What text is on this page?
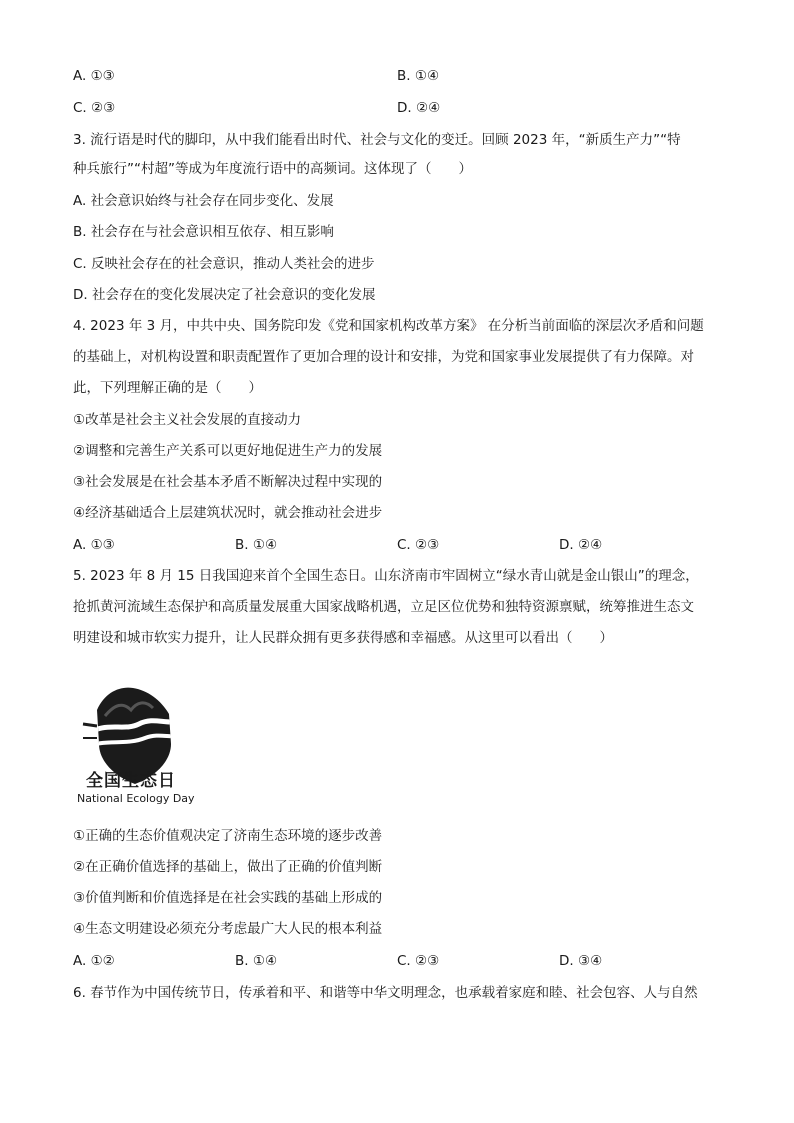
A. ①③	B. ①④
C. ②③	D. ②④
3. 流行语是时代的脚印，从中我们能看出时代、社会与文化的变迁。回顾 2023 年，“新质生产力”“特
种兵旅行”“村超”等成为年度流行语中的高频词。这体现了（　　）
A. 社会意识始终与社会存在同步变化、发展
B. 社会存在与社会意识相互依存、相互影响
C. 反映社会存在的社会意识，推动人类社会的进步
D. 社会存在的变化发展决定了社会意识的变化发展
4. 2023 年 3 月，中共中央、国务院印发《党和国家机构改革方案》 在分析当前面临的深层次矛盾和问题
的基础上，对机构设置和职责配置作了更加合理的设计和安排，为党和国家事业发展提供了有力保障。对
此，下列理解正确的是（　　）
①改革是社会主义社会发展的直接动力
②调整和完善生产关系可以更好地促进生产力的发展
③社会发展是在社会基本矛盾不断解决过程中实现的
④经济基础适合上层建筑状况时，就会推动社会进步
A. ①③	B. ①④	C. ②③	D. ②④
5. 2023 年 8 月 15 日我国迎来首个全国生态日。山东济南市牢固树立“绿水青山就是金山银山”的理念，
抢抓黄河流域生态保护和高质量发展重大国家战略机遇，立足区位优势和独特资源禀赋，统筹推进生态文
明建设和城市软实力提升，让人民群众拥有更多获得感和幸福感。从这里可以看出（　　）
全国生态日
National Ecology Day
①正确的生态价值观决定了济南生态环境的逐步改善
②在正确价值选择的基础上，做出了正确的价值判断
③价值判断和价值选择是在社会实践的基础上形成的
④生态文明建设必须充分考虑最广大人民的根本利益
A. ①②	B. ①④	C. ②③	D. ③④
6. 春节作为中国传统节日，传承着和平、和谐等中华文明理念，也承载着家庭和睦、社会包容、人与自然
